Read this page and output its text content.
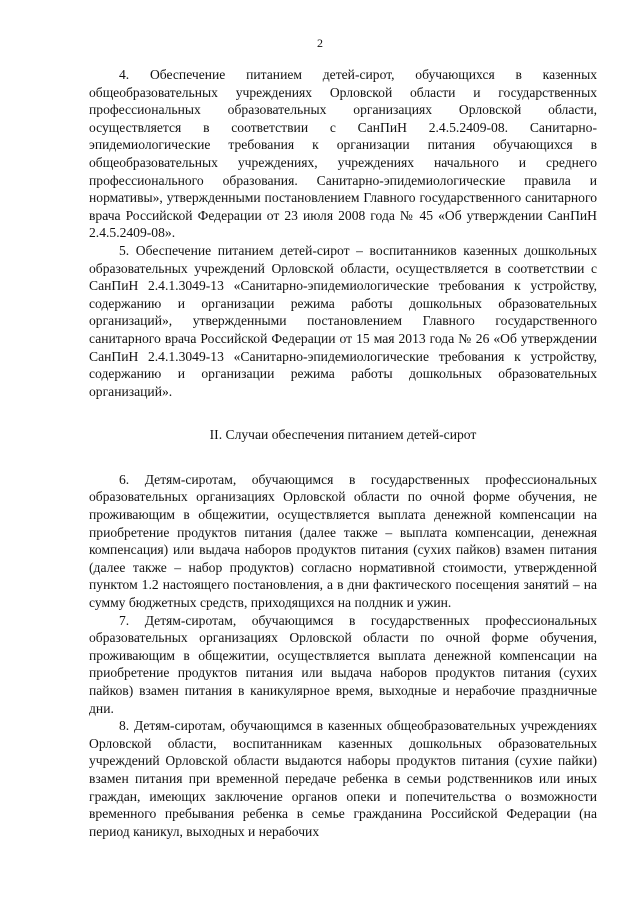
2

4. Обеспечение питанием детей-сирот, обучающихся в казенных общеобразовательных учреждениях Орловской области и государственных профессиональных образовательных организациях Орловской области, осуществляется в соответствии с СанПиН 2.4.5.2409-08. Санитарно-эпидемиологические требования к организации питания обучающихся в общеобразовательных учреждениях, учреждениях начального и среднего профессионального образования. Санитарно-эпидемиологические правила и нормативы», утвержденными постановлением Главного государственного санитарного врача Российской Федерации от 23 июля 2008 года № 45 «Об утверждении СанПиН 2.4.5.2409-08».

5. Обеспечение питанием детей-сирот – воспитанников казенных дошкольных образовательных учреждений Орловской области, осуществляется в соответствии с СанПиН 2.4.1.3049-13 «Санитарно-эпидемиологические требования к устройству, содержанию и организации режима работы дошкольных образовательных организаций», утвержденными постановлением Главного государственного санитарного врача Российской Федерации от 15 мая 2013 года № 26 «Об утверждении СанПиН 2.4.1.3049-13 «Санитарно-эпидемиологические требования к устройству, содержанию и организации режима работы дошкольных образовательных организаций».

II. Случаи обеспечения питанием детей-сирот

6. Детям-сиротам, обучающимся в государственных профессиональных образовательных организациях Орловской области по очной форме обучения, не проживающим в общежитии, осуществляется выплата денежной компенсации на приобретение продуктов питания (далее также – выплата компенсации, денежная компенсация) или выдача наборов продуктов питания (сухих пайков) взамен питания (далее также – набор продуктов) согласно нормативной стоимости, утвержденной пунктом 1.2 настоящего постановления, а в дни фактического посещения занятий – на сумму бюджетных средств, приходящихся на полдник и ужин.

7. Детям-сиротам, обучающимся в государственных профессиональных образовательных организациях Орловской области по очной форме обучения, проживающим в общежитии, осуществляется выплата денежной компенсации на приобретение продуктов питания или выдача наборов продуктов питания (сухих пайков) взамен питания в каникулярное время, выходные и нерабочие праздничные дни.

8. Детям-сиротам, обучающимся в казенных общеобразовательных учреждениях Орловской области, воспитанникам казенных дошкольных образовательных учреждений Орловской области выдаются наборы продуктов питания (сухие пайки) взамен питания при временной передаче ребенка в семьи родственников или иных граждан, имеющих заключение органов опеки и попечительства о возможности временного пребывания ребенка в семье гражданина Российской Федерации (на период каникул, выходных и нерабочих
